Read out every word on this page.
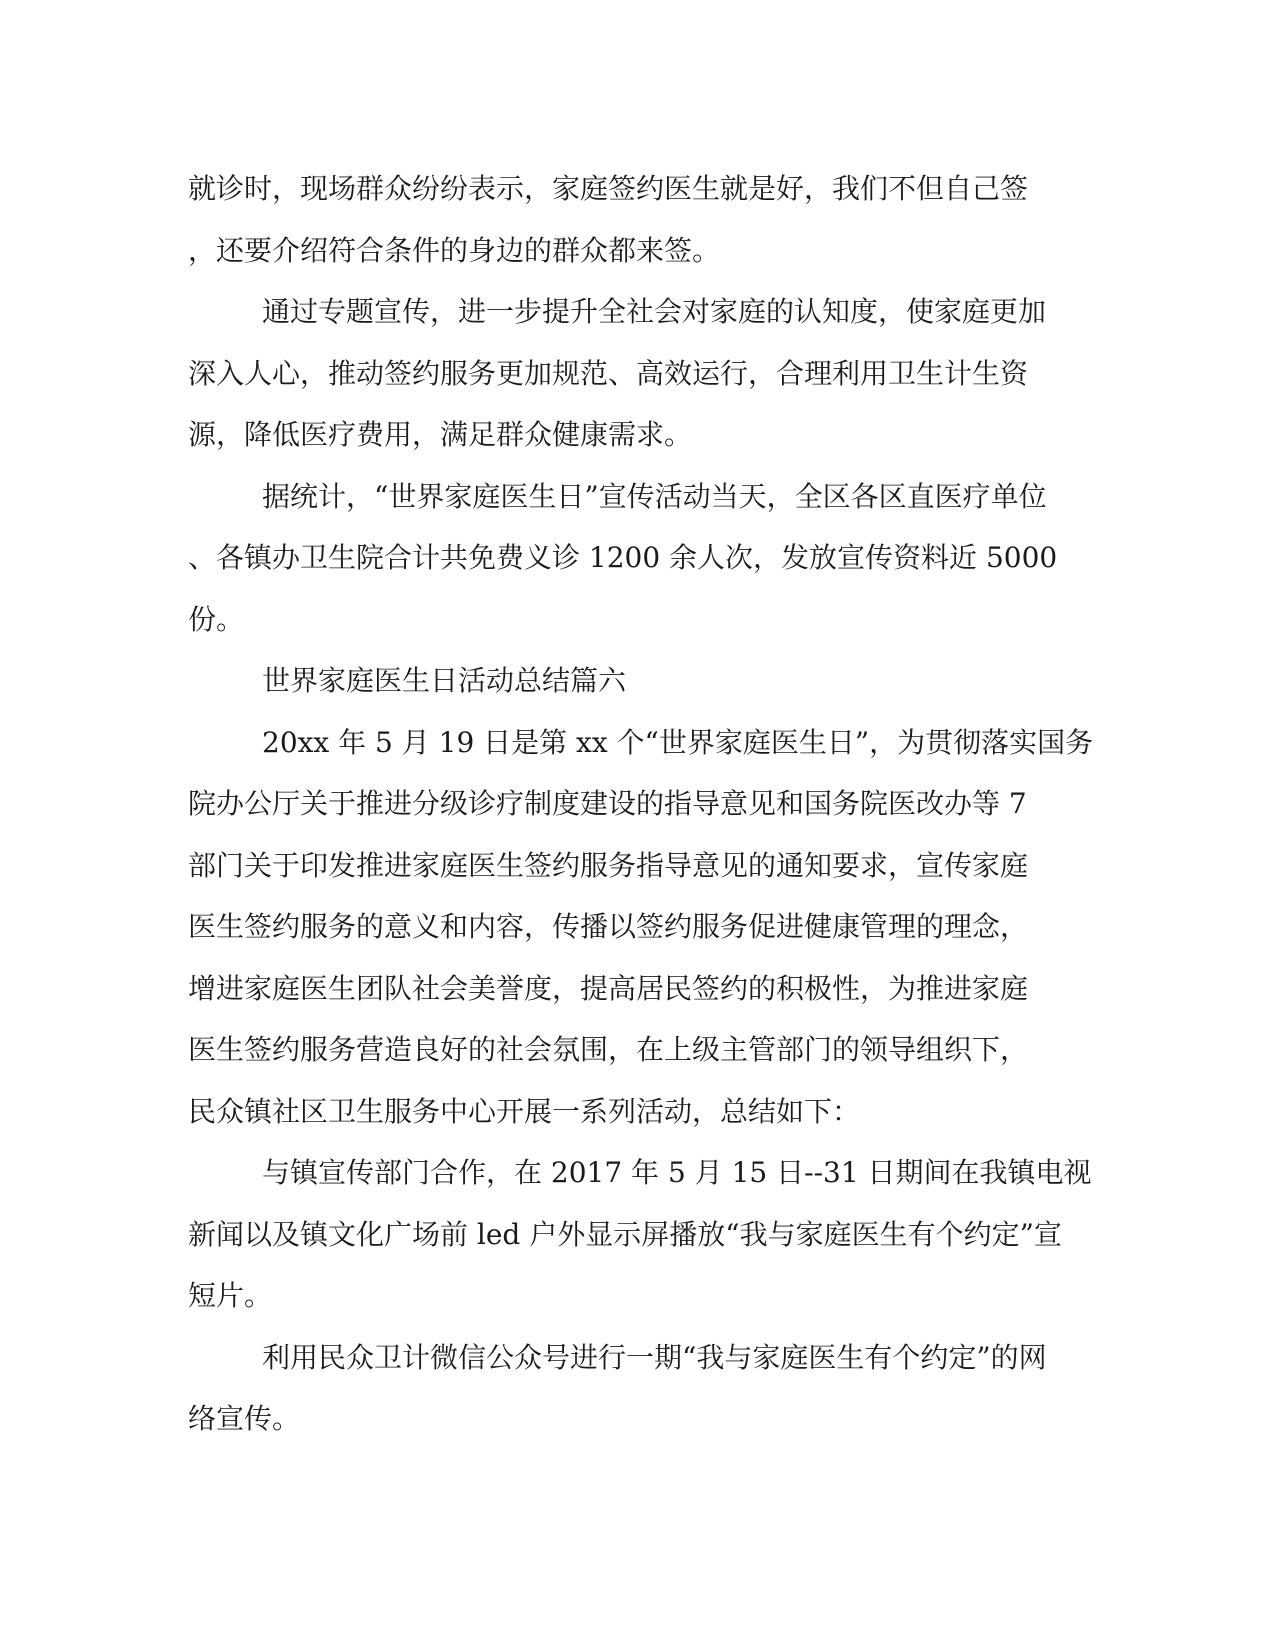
就诊时，现场群众纷纷表示，家庭签约医生就是好，我们不但自己签
，还要介绍符合条件的身边的群众都来签。
通过专题宣传，进一步提升全社会对家庭的认知度，使家庭更加
深入人心，推动签约服务更加规范、高效运行，合理利用卫生计生资
源，降低医疗费用，满足群众健康需求。
据统计，“世界家庭医生日”宣传活动当天，全区各区直医疗单位
、各镇办卫生院合计共免费义诊 1200 余人次，发放宣传资料近 5000
份。
世界家庭医生日活动总结篇六
20xx 年 5 月 19 日是第 xx 个“世界家庭医生日”，为贯彻落实国务
院办公厅关于推进分级诊疗制度建设的指导意见和国务院医改办等 7
部门关于印发推进家庭医生签约服务指导意见的通知要求，宣传家庭
医生签约服务的意义和内容，传播以签约服务促进健康管理的理念，
增进家庭医生团队社会美誉度，提高居民签约的积极性，为推进家庭
医生签约服务营造良好的社会氛围，在上级主管部门的领导组织下，
民众镇社区卫生服务中心开展一系列活动，总结如下：
与镇宣传部门合作，在 2017 年 5 月 15 日--31 日期间在我镇电视
新闻以及镇文化广场前 led 户外显示屏播放“我与家庭医生有个约定”宣
短片。
利用民众卫计微信公众号进行一期“我与家庭医生有个约定”的网
络宣传。
